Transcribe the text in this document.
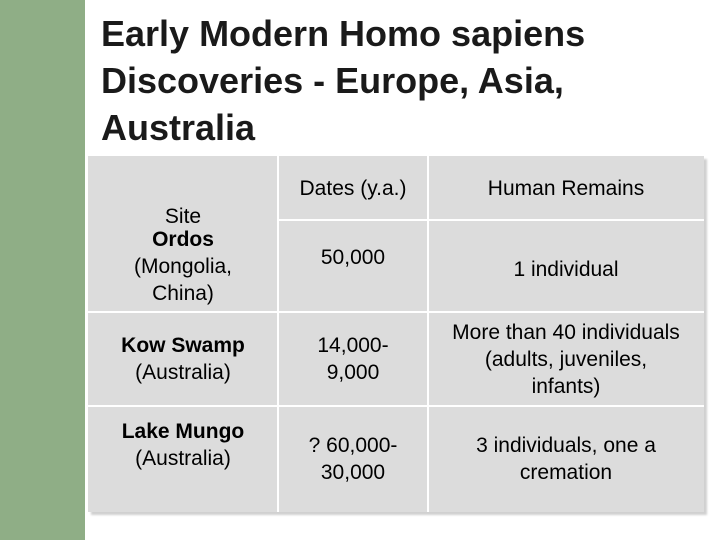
Early Modern Homo sapiens
Discoveries - Europe, Asia,
Australia
Site
Dates (y.a.)	Human Remains
Ordos
(Mongolia,
China)
50,000
1 individual
Kow Swamp
(Australia)
14,000-
9,000
More than 40 individuals
(adults, juveniles,
infants)
Lake Mungo
(Australia)
? 60,000-
30,000
3 individuals, one a
cremation
